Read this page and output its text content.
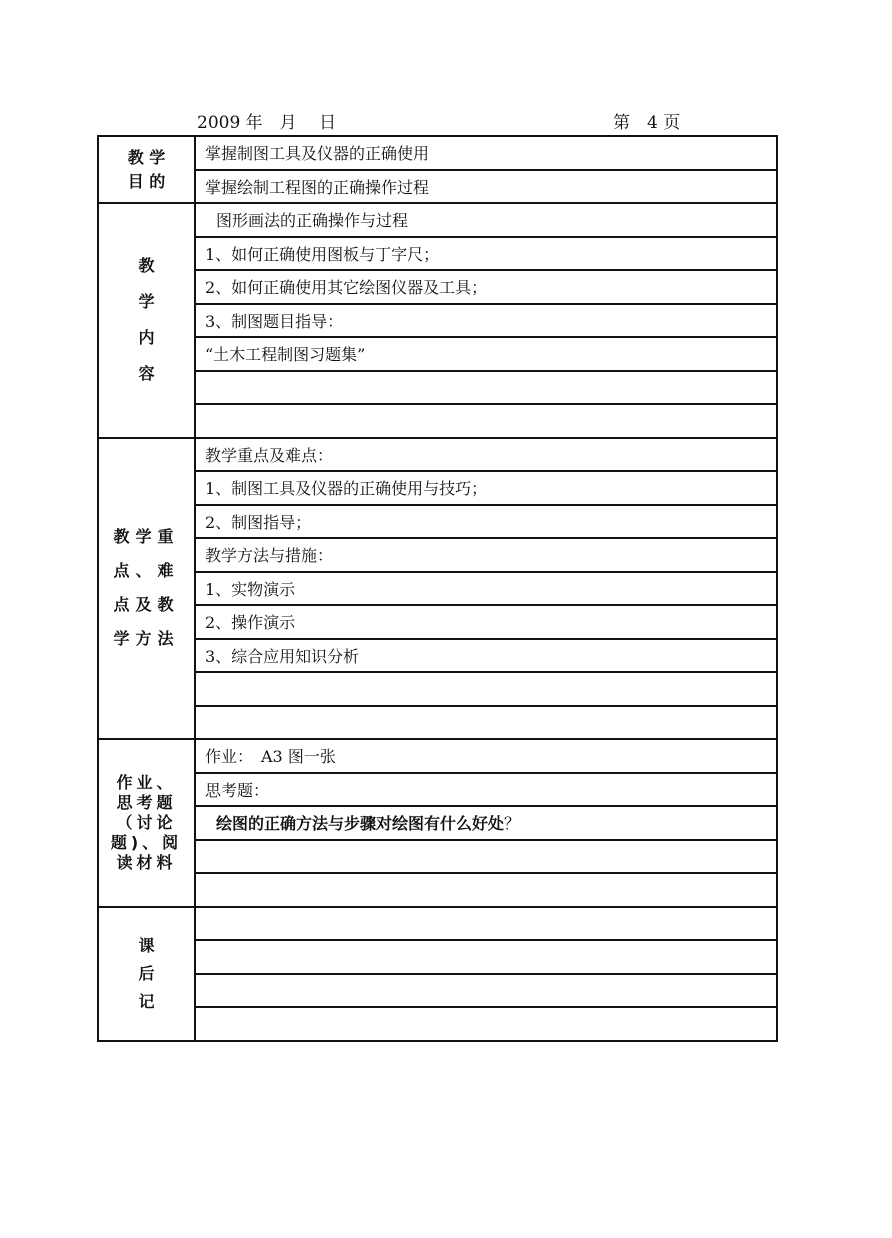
2009 年　月　 日	第　4 页
教 学
目 的	掌握制图工具及仪器的正确使用
	掌握绘制工程图的正确操作过程

教
学
内
容	图形画法的正确操作与过程
	1、如何正确使用图板与丁字尺；
	2、如何正确使用其它绘图仪器及工具；
	3、制图题目指导：
	“土木工程制图习题集”

教学重
点、难
点及教
学方法	教学重点及难点：
	1、制图工具及仪器的正确使用与技巧；
	2、制图指导；
	教学方法与措施：
	1、实物演示
	2、操作演示
	3、综合应用知识分析

作业、
思考题
（讨论
题)、阅
读材料	作业：　A3 图一张
	思考题：
	绘图的正确方法与步骤对绘图有什么好处？

课
后
记	
